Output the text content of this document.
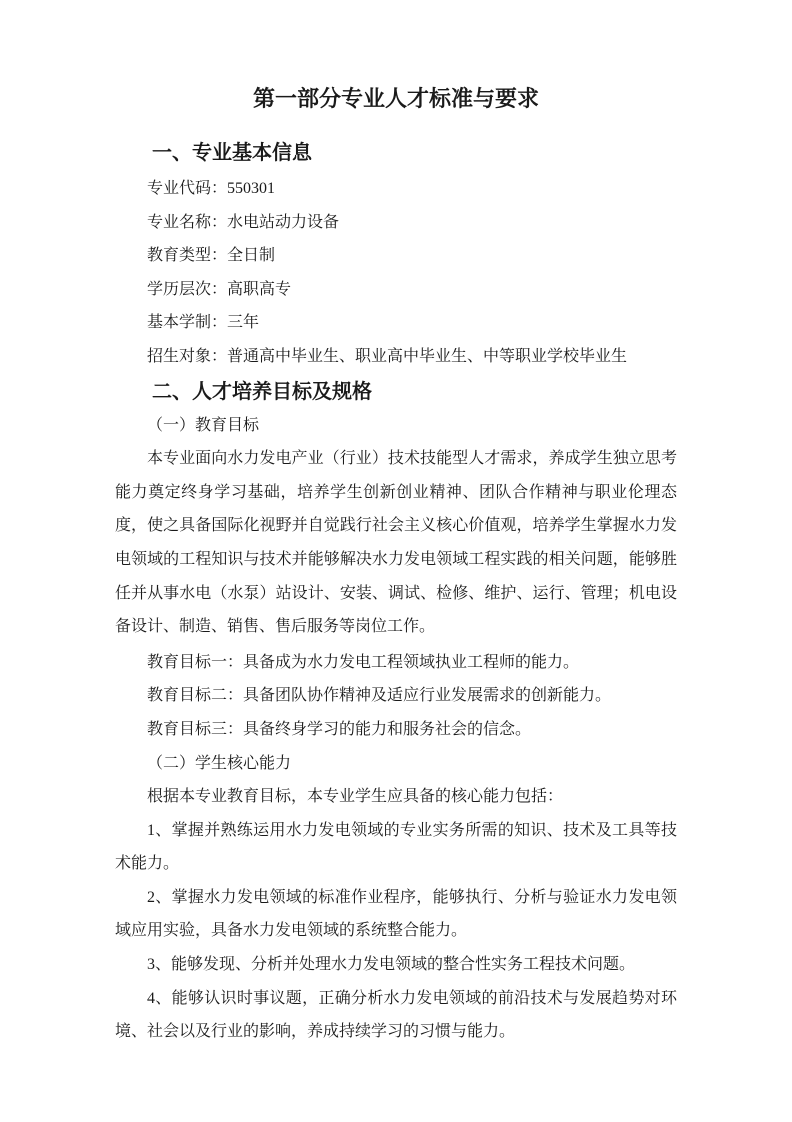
第一部分专业人才标准与要求
一、专业基本信息

专业代码：550301

专业名称：水电站动力设备

教育类型：全日制

学历层次：高职高专

基本学制：三年

招生对象：普通高中毕业生、职业高中毕业生、中等职业学校毕业生

二、人才培养目标及规格

（一）教育目标

本专业面向水力发电产业（行业）技术技能型人才需求，养成学生独立思考能力奠定终身学习基础，培养学生创新创业精神、团队合作精神与职业伦理态度，使之具备国际化视野并自觉践行社会主义核心价值观，培养学生掌握水力发电领域的工程知识与技术并能够解决水力发电领域工程实践的相关问题，能够胜任并从事水电（水泵）站设计、安装、调试、检修、维护、运行、管理；机电设备设计、制造、销售、售后服务等岗位工作。

教育目标一：具备成为水力发电工程领域执业工程师的能力。

教育目标二：具备团队协作精神及适应行业发展需求的创新能力。

教育目标三：具备终身学习的能力和服务社会的信念。

（二）学生核心能力

根据本专业教育目标，本专业学生应具备的核心能力包括：

1、掌握并熟练运用水力发电领域的专业实务所需的知识、技术及工具等技术能力。

2、掌握水力发电领域的标准作业程序，能够执行、分析与验证水力发电领域应用实验，具备水力发电领域的系统整合能力。

3、能够发现、分析并处理水力发电领域的整合性实务工程技术问题。

4、能够认识时事议题，正确分析水力发电领域的前沿技术与发展趋势对环境、社会以及行业的影响，养成持续学习的习惯与能力。
